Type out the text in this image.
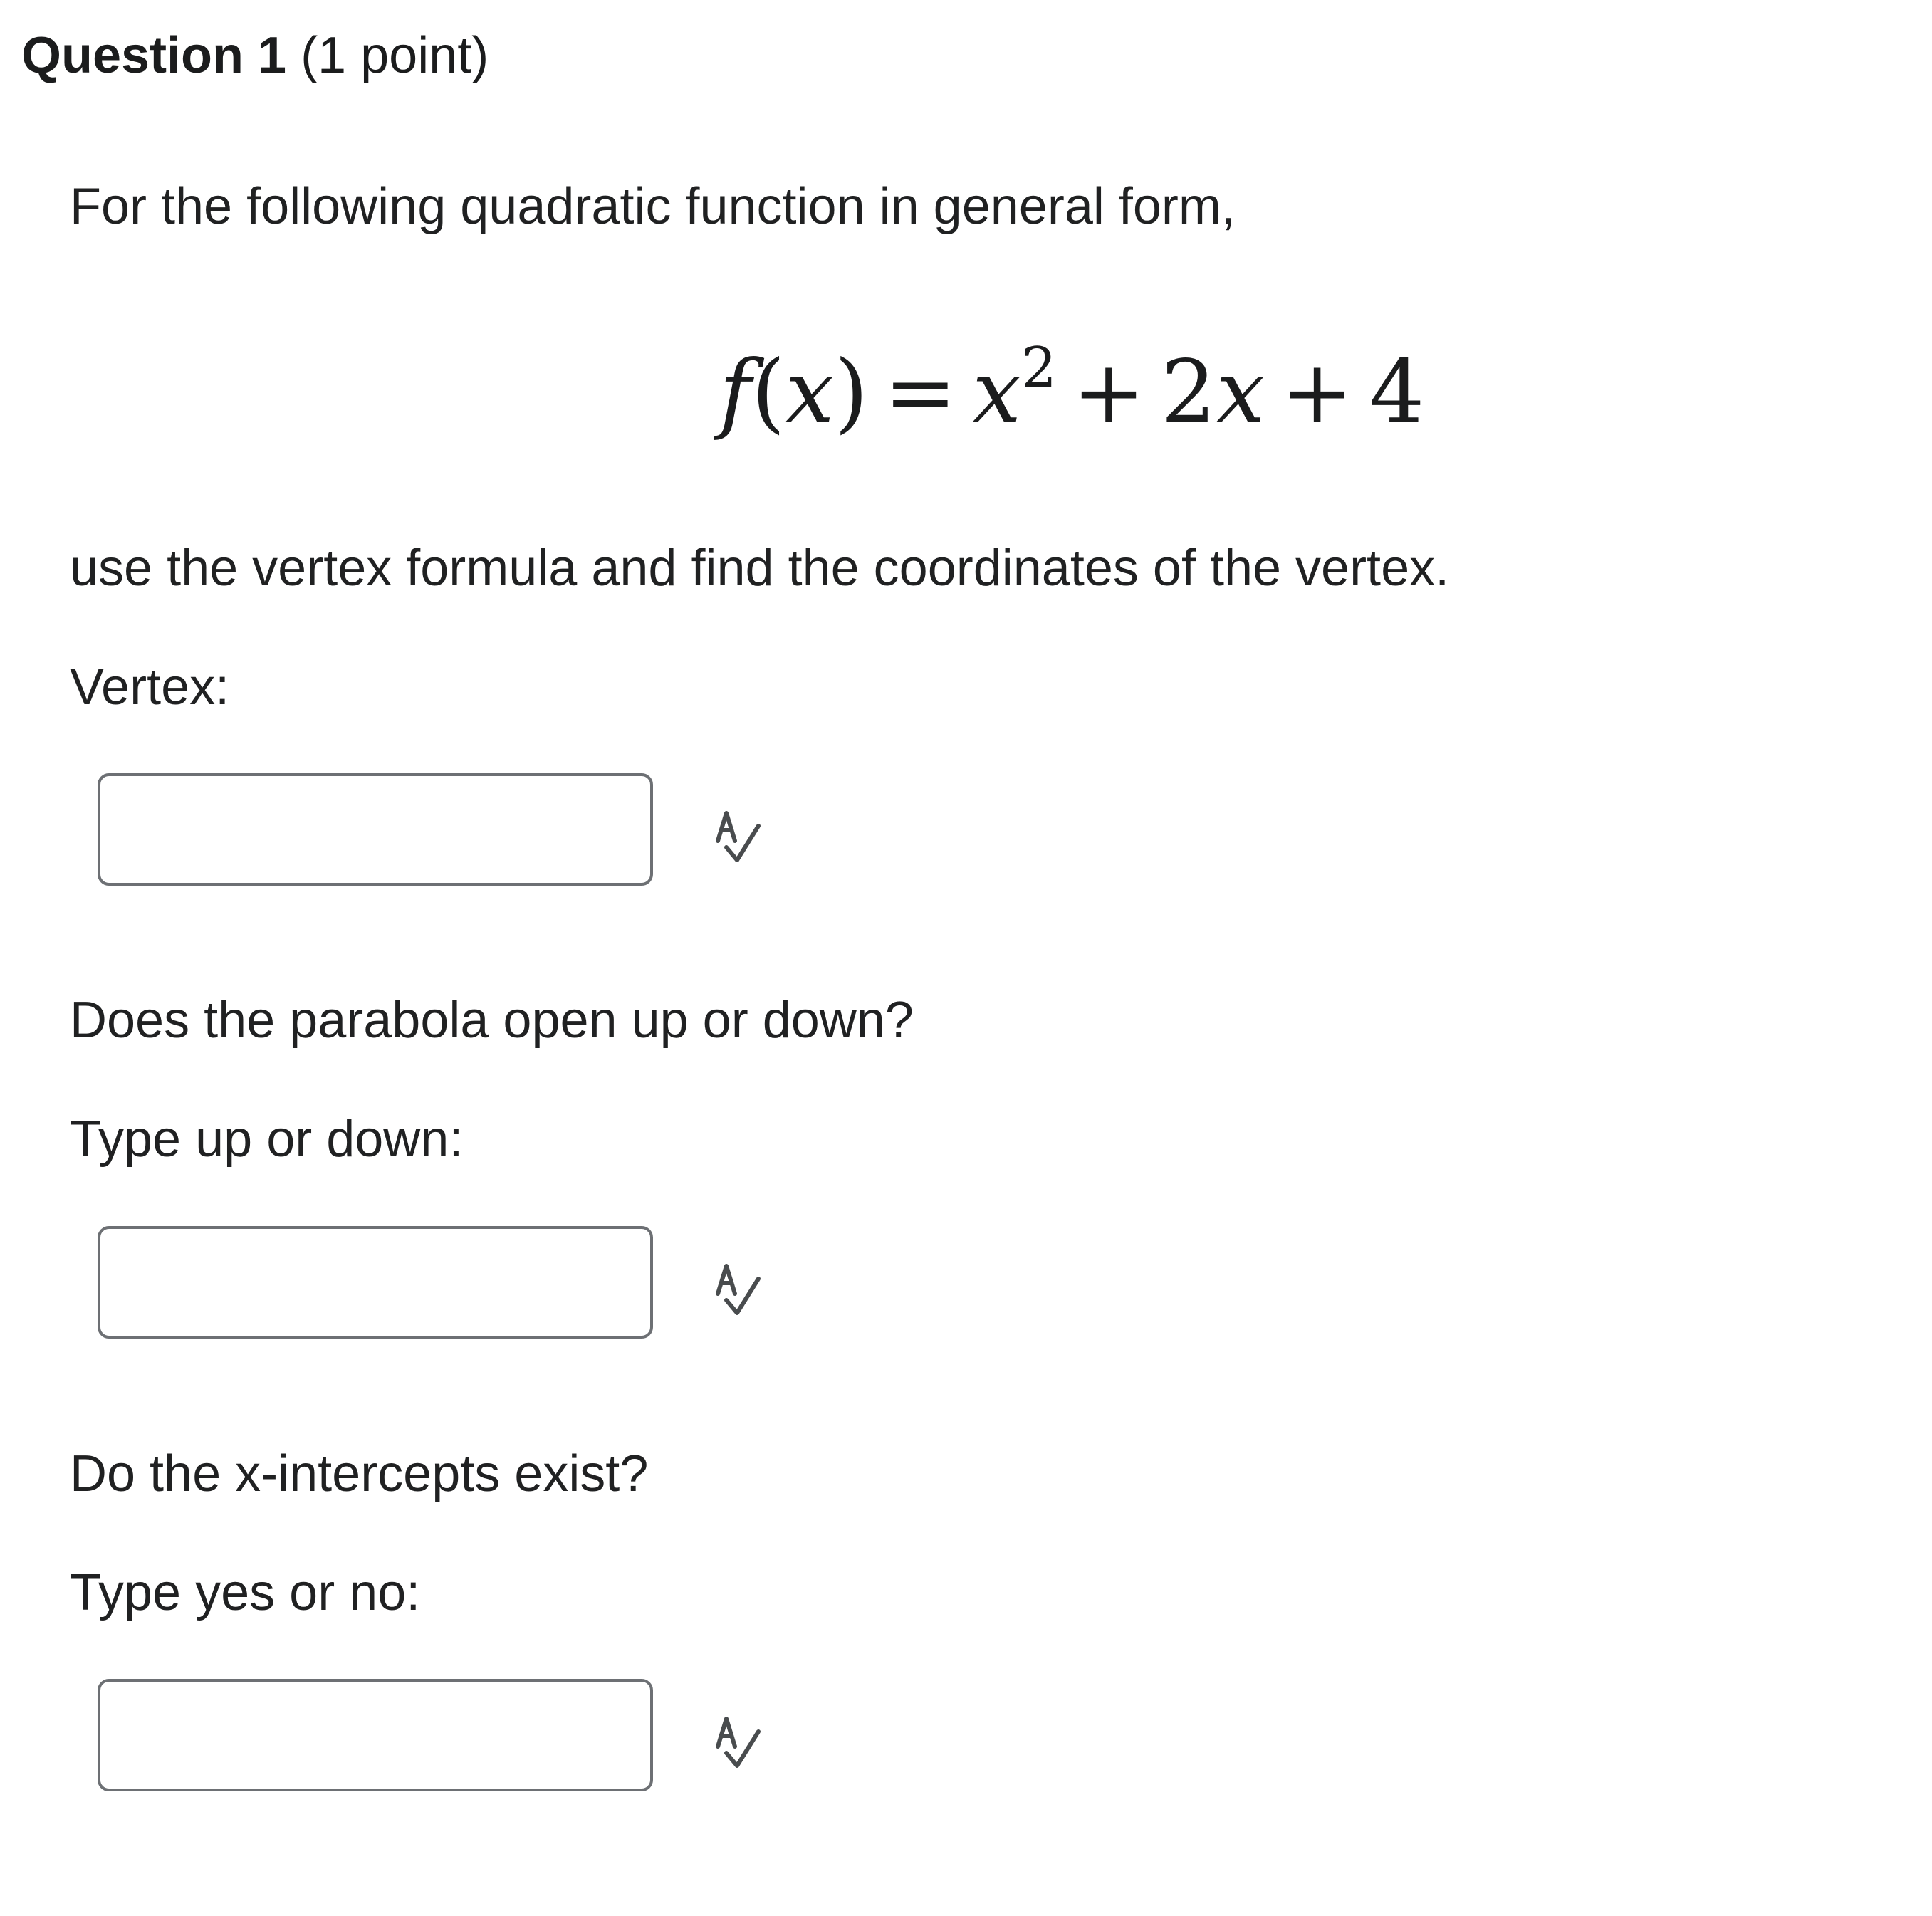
Question 1 (1 point)
For the following quadratic function in general form,
$f(x) = x^2 + 2x + 4$
use the vertex formula and find the coordinates of the vertex.
Vertex:
Does the parabola open up or down?
Type up or down:
Do the x-intercepts exist?
Type yes or no:
